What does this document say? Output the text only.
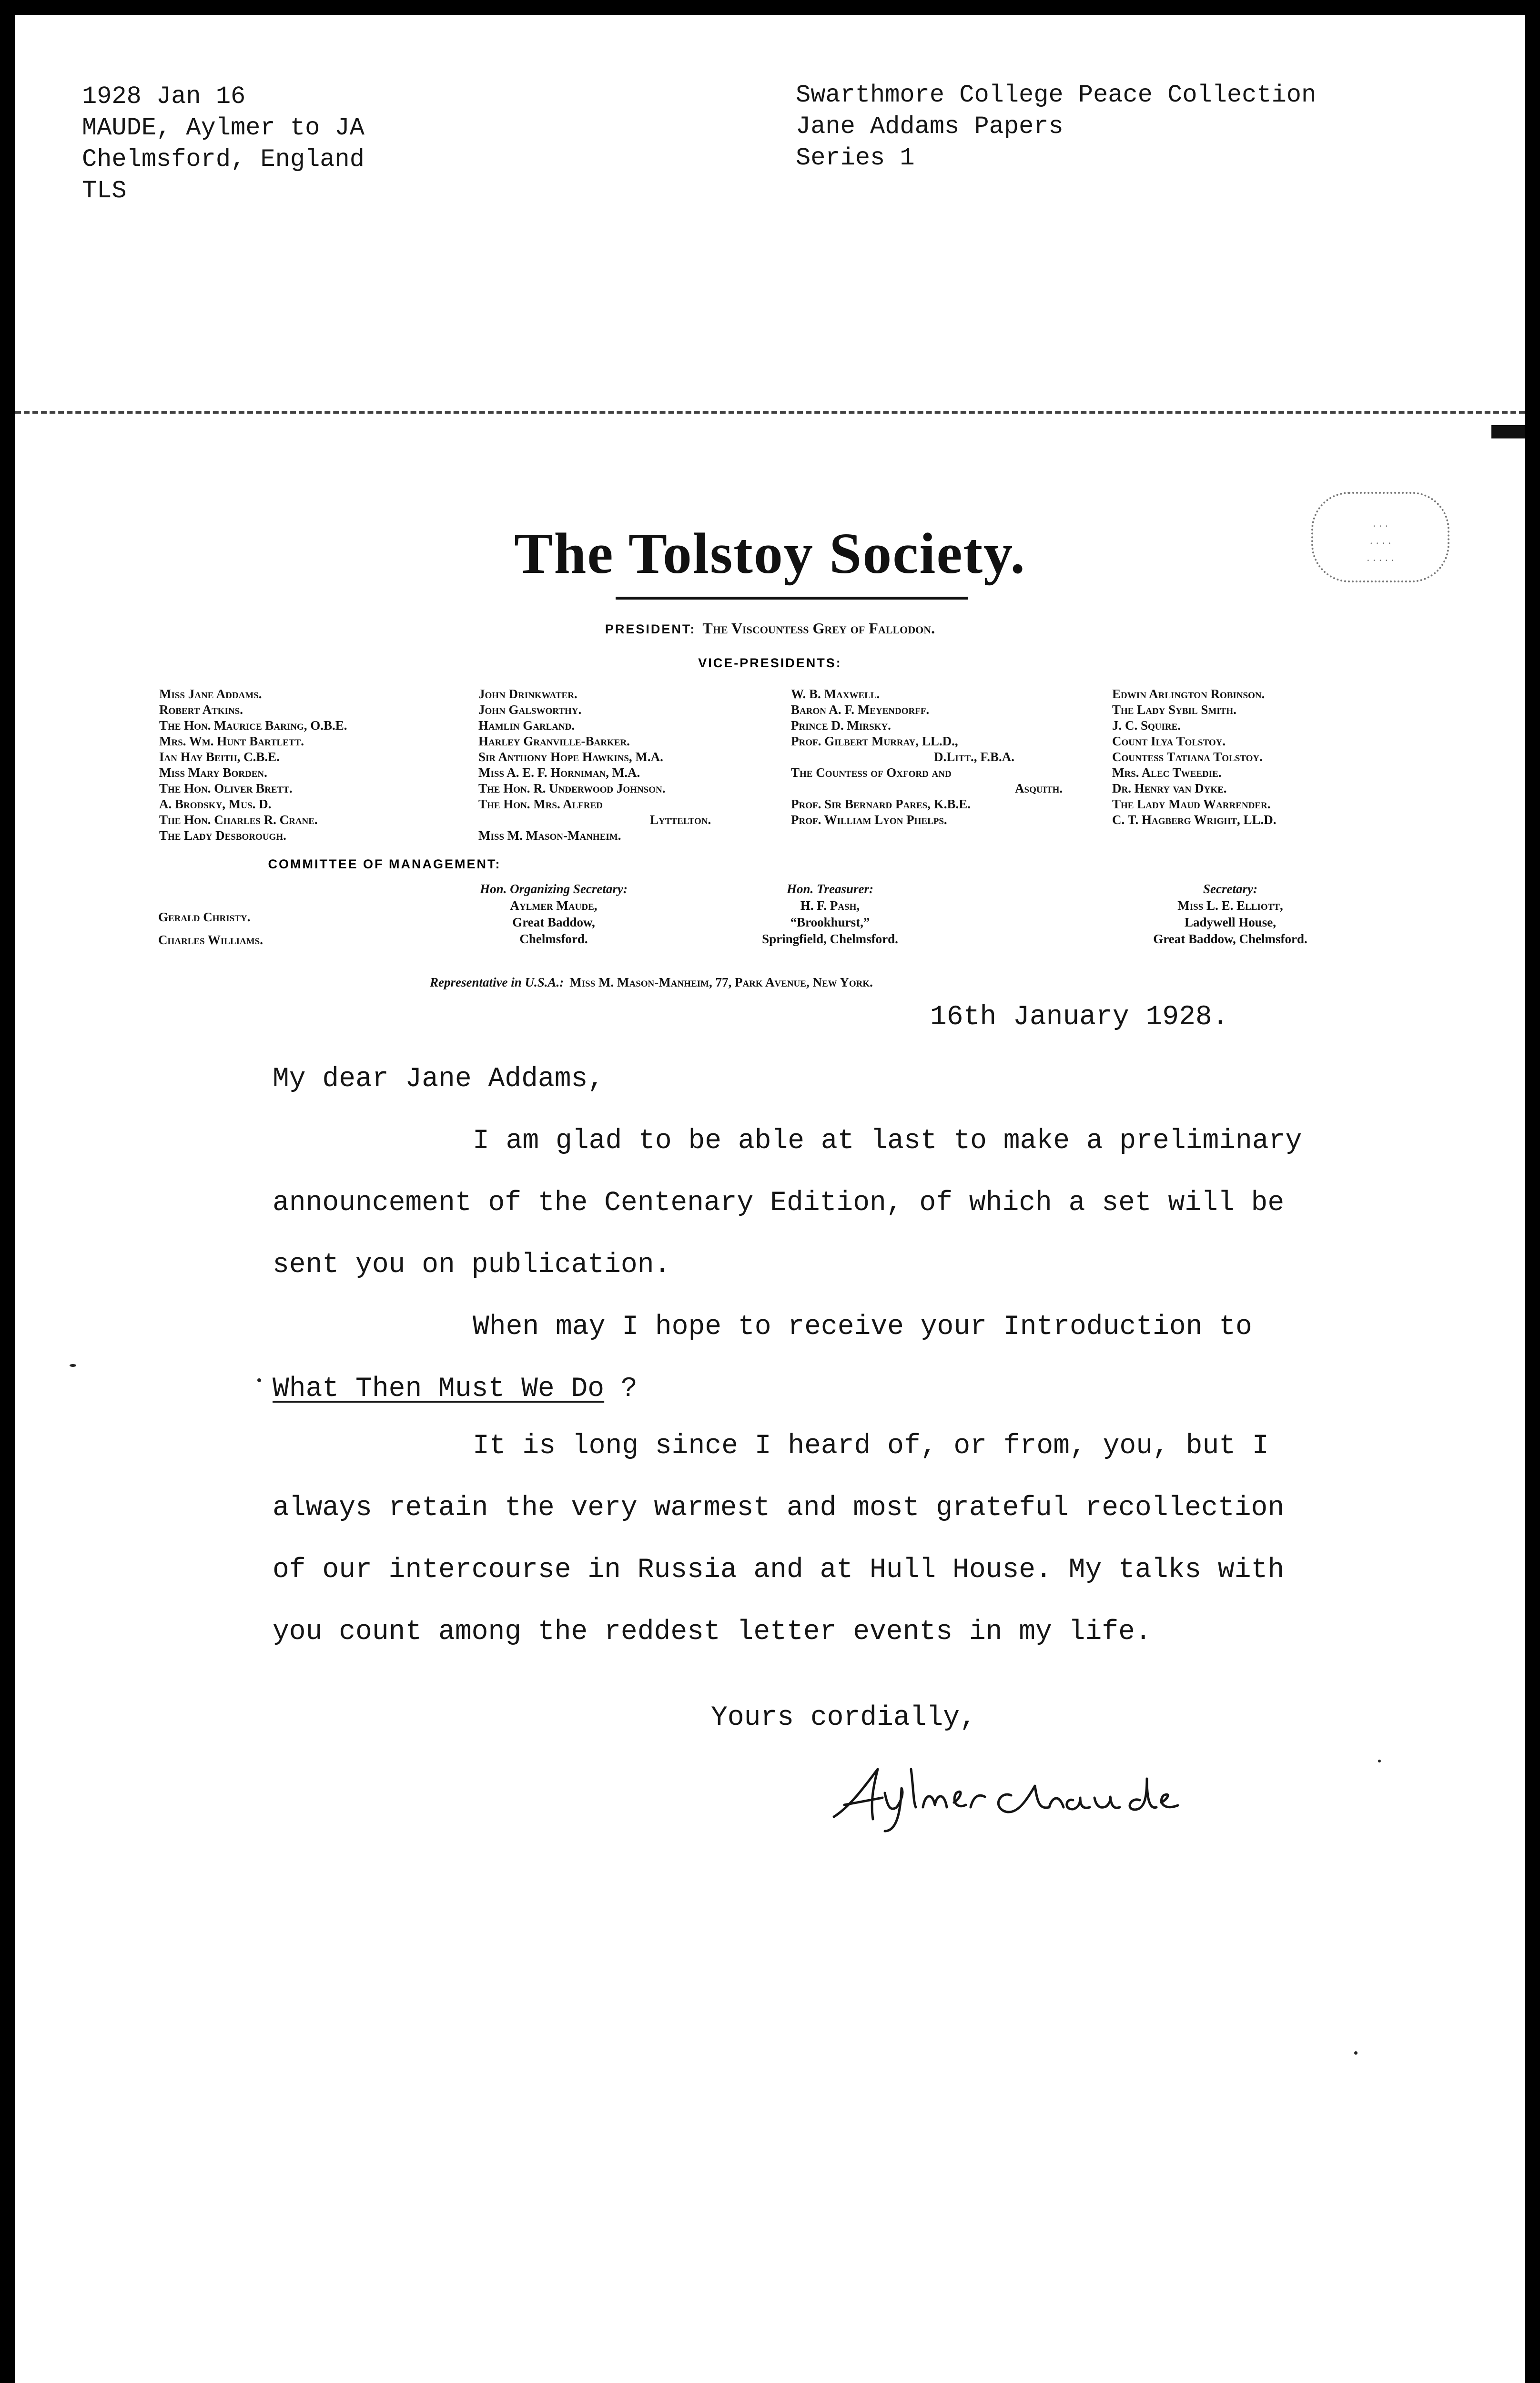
1928 Jan 16
MAUDE, Aylmer to JA
Chelmsford, England
TLS
Swarthmore College Peace Collection
Jane Addams Papers
Series 1
The Tolstoy Society.	· · ·
· · · ·
· · · · ·
PRESIDENT: The Viscountess Grey of Fallodon.
VICE-PRESIDENTS:
Miss Jane Addams.
Robert Atkins.
The Hon. Maurice Baring, O.B.E.
Mrs. Wm. Hunt Bartlett.
Ian Hay Beith, C.B.E.
Miss Mary Borden.
The Hon. Oliver Brett.
A. Brodsky, Mus. D.
The Hon. Charles R. Crane.
The Lady Desborough.
John Drinkwater.
John Galsworthy.
Hamlin Garland.
Harley Granville-Barker.
Sir Anthony Hope Hawkins, M.A.
Miss A. E. F. Horniman, M.A.
The Hon. R. Underwood Johnson.
The Hon. Mrs. Alfred
Lyttelton.
Miss M. Mason-Manheim.
W. B. Maxwell.
Baron A. F. Meyendorff.
Prince D. Mirsky.
Prof. Gilbert Murray, LL.D.,
D.Litt., F.B.A.
The Countess of Oxford and
Asquith.
Prof. Sir Bernard Pares, K.B.E.
Prof. William Lyon Phelps.
Edwin Arlington Robinson.
The Lady Sybil Smith.
J. C. Squire.
Count Ilya Tolstoy.
Countess Tatiana Tolstoy.
Mrs. Alec Tweedie.
Dr. Henry van Dyke.
The Lady Maud Warrender.
C. T. Hagberg Wright, LL.D.
COMMITTEE OF MANAGEMENT:
Gerald Christy.
Charles Williams.
Hon. Organizing Secretary:
Aylmer Maude,
Great Baddow,
Chelmsford.
Hon. Treasurer:
H. F. Pash,
“Brookhurst,”
Springfield, Chelmsford.
Secretary:
Miss L. E. Elliott,
Ladywell House,
Great Baddow, Chelmsford.
Representative in U.S.A.: Miss M. Mason-Manheim, 77, Park Avenue, New York.
16th January 1928.
My dear Jane Addams,
I am glad to be able at last to make a preliminary
announcement of the Centenary Edition, of which a set will be
sent you on publication.
When may I hope to receive your Introduction to
What Then Must We Do ?
It is long since I heard of, or from, you, but I
always retain the very warmest and most grateful recollection
of our intercourse in Russia and at Hull House. My talks with
you count among the reddest letter events in my life.
Yours cordially,
